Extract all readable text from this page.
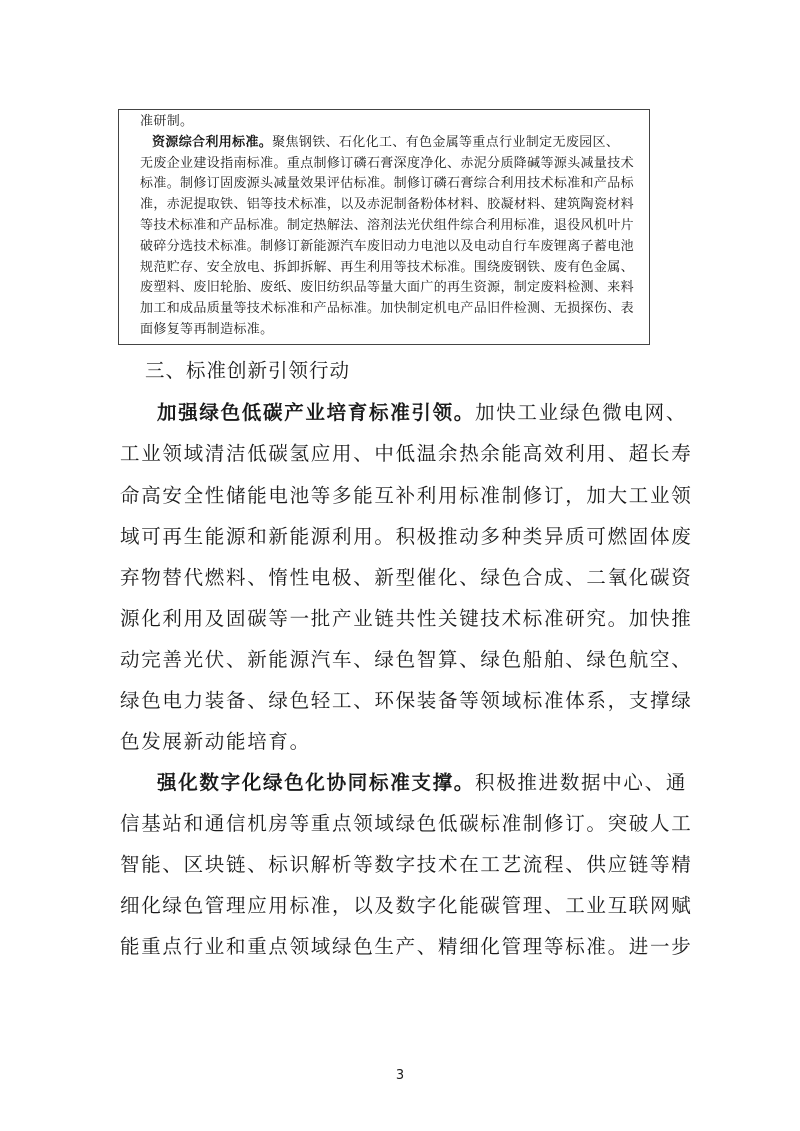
准研制。
资源综合利用标准。聚焦钢铁、石化化工、有色金属等重点行业制定无废园区、
无废企业建设指南标准。重点制修订磷石膏深度净化、赤泥分质降碱等源头减量技术
标准。制修订固废源头减量效果评估标准。制修订磷石膏综合利用技术标准和产品标
准，赤泥提取铁、铝等技术标准，以及赤泥制备粉体材料、胶凝材料、建筑陶瓷材料
等技术标准和产品标准。制定热解法、溶剂法光伏组件综合利用标准，退役风机叶片
破碎分选技术标准。制修订新能源汽车废旧动力电池以及电动自行车废锂离子蓄电池
规范贮存、安全放电、拆卸拆解、再生利用等技术标准。围绕废钢铁、废有色金属、
废塑料、废旧轮胎、废纸、废旧纺织品等量大面广的再生资源，制定废料检测、来料
加工和成品质量等技术标准和产品标准。加快制定机电产品旧件检测、无损探伤、表
三、标准创新引领行动
加强绿色低碳产业培育标准引领。加快工业绿色微电网、
工业领域清洁低碳氢应用、中低温余热余能高效利用、超长寿
命高安全性储能电池等多能互补利用标准制修订，加大工业领
域可再生能源和新能源利用。积极推动多种类异质可燃固体废
弃物替代燃料、惰性电极、新型催化、绿色合成、二氧化碳资
源化利用及固碳等一批产业链共性关键技术标准研究。加快推
动完善光伏、新能源汽车、绿色智算、绿色船舶、绿色航空、
绿色电力装备、绿色轻工、环保装备等领域标准体系，支撑绿
色发展新动能培育。
强化数字化绿色化协同标准支撑。积极推进数据中心、通
信基站和通信机房等重点领域绿色低碳标准制修订。突破人工
智能、区块链、标识解析等数字技术在工艺流程、供应链等精
细化绿色管理应用标准，以及数字化能碳管理、工业互联网赋
能重点行业和重点领域绿色生产、精细化管理等标准。进一步
3
面修复等再制造标准。
